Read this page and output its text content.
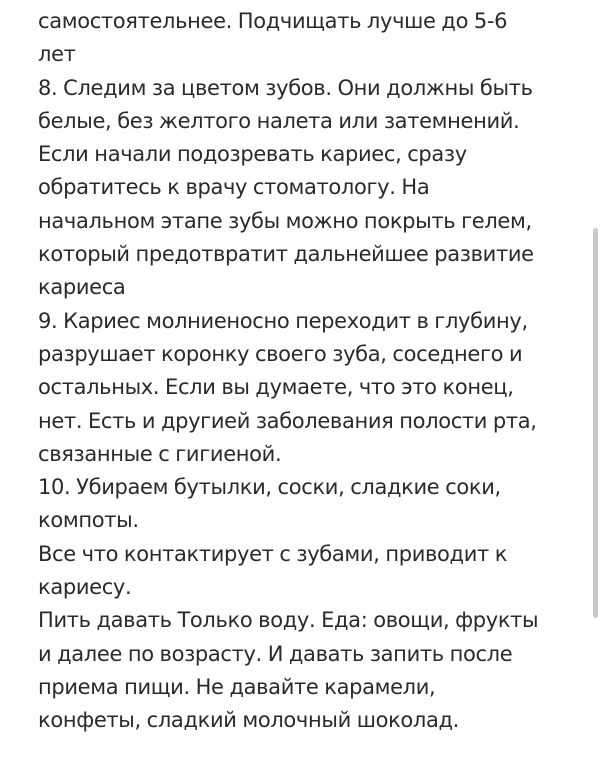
самостоятельнее. Подчищать лучше до 5-6
лет
8. Следим за цветом зубов. Они должны быть
белые, без желтого налета или затемнений.
Если начали подозревать кариес, сразу
обратитесь к врачу стоматологу. На
начальном этапе зубы можно покрыть гелем,
который предотвратит дальнейшее развитие
кариеса
9. Кариес молниеносно переходит в глубину,
разрушает коронку своего зуба, соседнего и
остальных. Если вы думаете, что это конец,
нет. Есть и другией заболевания полости рта,
связанные с гигиеной.
10. Убираем бутылки, соски, сладкие соки,
компоты.
Все что контактирует с зубами, приводит к
кариесу.
Пить давать Только воду. Еда: овощи, фрукты
и далее по возрасту. И давать запить после
приема пищи. Не давайте карамели,
конфеты, сладкий молочный шоколад.
